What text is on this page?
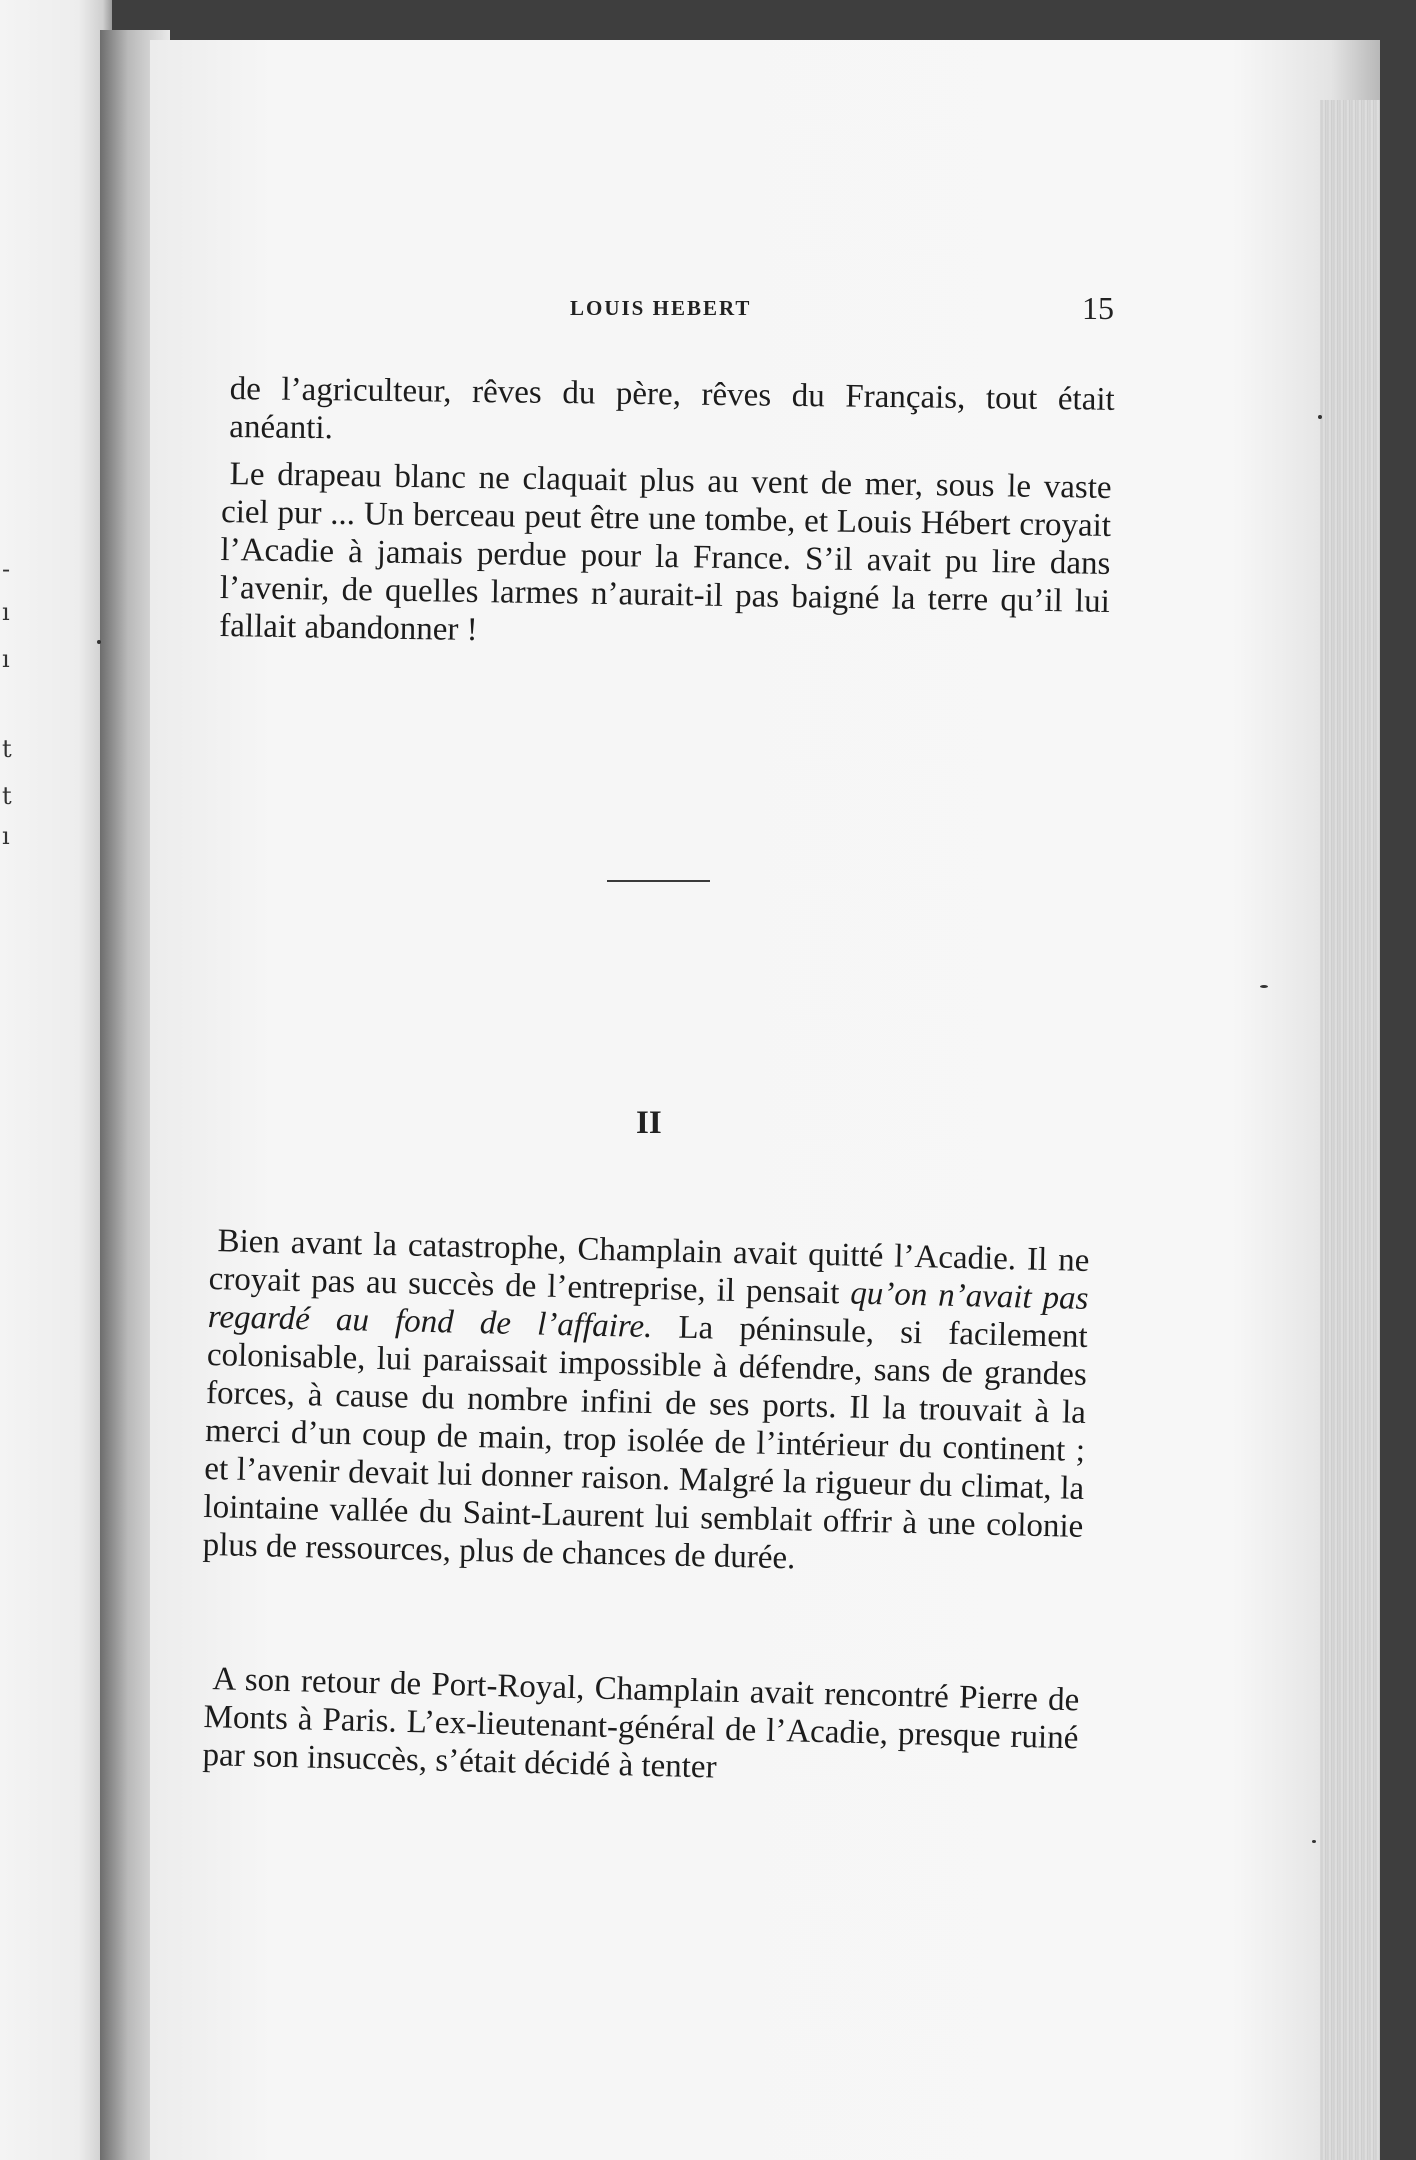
-
ı
ı
t
t
ı
LOUIS HEBERT	15

de l’agriculteur, rêves du père, rêves du Français, tout était anéanti.

Le drapeau blanc ne claquait plus au vent de mer, sous le vaste ciel pur ... Un berceau peut être une tombe, et Louis Hébert croyait l’Acadie à jamais perdue pour la France. S’il avait pu lire dans l’avenir, de quelles larmes n’aurait-il pas baigné la terre qu’il lui fallait abandonner !

II

Bien avant la catastrophe, Champlain avait quitté l’Acadie. Il ne croyait pas au succès de l’entreprise, il pensait qu’on n’avait pas regardé au fond de l’affaire. La péninsule, si facilement colonisable, lui paraissait impossible à défendre, sans de grandes forces, à cause du nombre infini de ses ports. Il la trouvait à la merci d’un coup de main, trop isolée de l’intérieur du continent ; et l’avenir devait lui donner raison. Malgré la rigueur du climat, la lointaine vallée du Saint-Laurent lui semblait offrir à une colonie plus de ressources, plus de chances de durée.

A son retour de Port-Royal, Champlain avait rencontré Pierre de Monts à Paris. L’ex-lieutenant-général de l’Acadie, presque ruiné par son insuccès, s’était décidé à tenter
